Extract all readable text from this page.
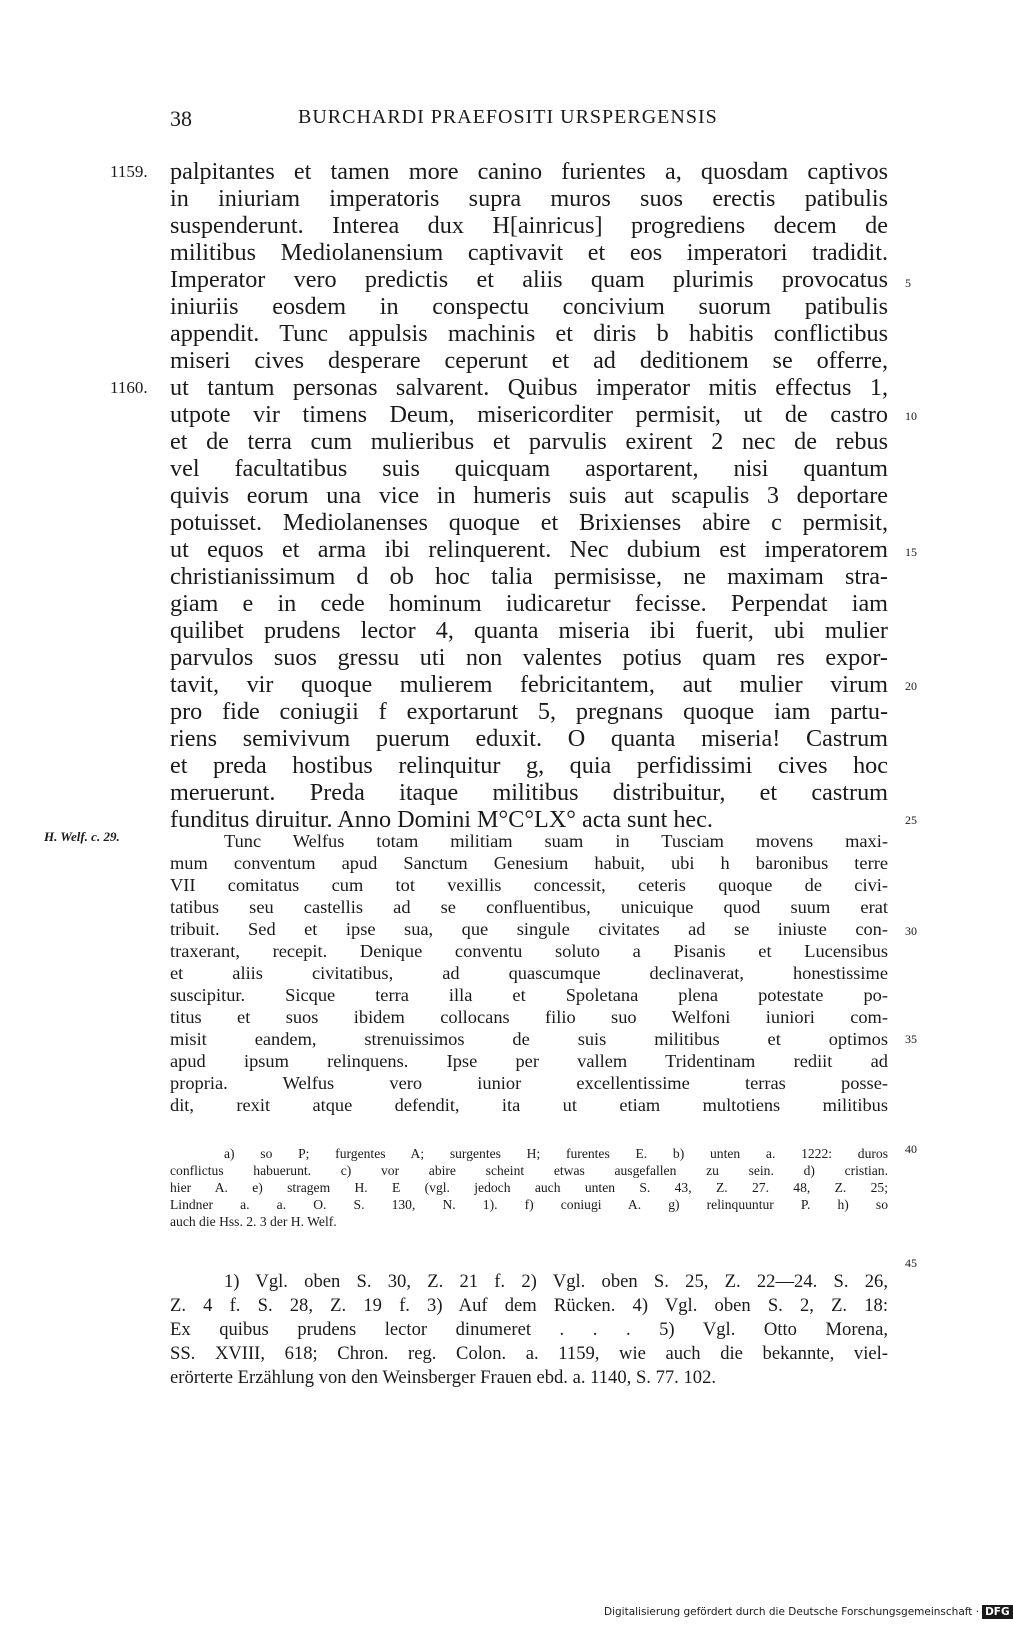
38	BURCHARDI PRAEFOSITI URSPERGENSIS
1159.
1160.
H. Welf. c. 29.
5
10
15
20
25
30
35
40
45
palpitantes et tamen more canino furientes a, quosdam captivos
in iniuriam imperatoris supra muros suos erectis patibulis
suspenderunt. Interea dux H[ainricus] progrediens decem de
militibus Mediolanensium captivavit et eos imperatori tradidit.
Imperator vero predictis et aliis quam plurimis provocatus
iniuriis eosdem in conspectu concivium suorum patibulis
appendit. Tunc appulsis machinis et diris b habitis conflictibus
miseri cives desperare ceperunt et ad deditionem se offerre,
ut tantum personas salvarent. Quibus imperator mitis effectus 1,
utpote vir timens Deum, misericorditer permisit, ut de castro
et de terra cum mulieribus et parvulis exirent 2 nec de rebus
vel facultatibus suis quicquam asportarent, nisi quantum
quivis eorum una vice in humeris suis aut scapulis 3 deportare
potuisset. Mediolanenses quoque et Brixienses abire c permisit,
ut equos et arma ibi relinquerent. Nec dubium est imperatorem
christianissimum d ob hoc talia permisisse, ne maximam stra-
giam e in cede hominum iudicaretur fecisse. Perpendat iam
quilibet prudens lector 4, quanta miseria ibi fuerit, ubi mulier
parvulos suos gressu uti non valentes potius quam res expor-
tavit, vir quoque mulierem febricitantem, aut mulier virum
pro fide coniugii f exportarunt 5, pregnans quoque iam partu-
riens semivivum puerum eduxit. O quanta miseria! Castrum
et preda hostibus relinquitur g, quia perfidissimi cives hoc
meruerunt. Preda itaque militibus distribuitur, et castrum
funditus diruitur. Anno Domini M°C°LX° acta sunt hec.
Tunc Welfus totam militiam suam in Tusciam movens maxi-
mum conventum apud Sanctum Genesium habuit, ubi h baronibus terre
VII comitatus cum tot vexillis concessit, ceteris quoque de civi-
tatibus seu castellis ad se confluentibus, unicuique quod suum erat
tribuit. Sed et ipse sua, que singule civitates ad se iniuste con-
traxerant, recepit. Denique conventu soluto a Pisanis et Lucensibus
et aliis civitatibus, ad quascumque declinaverat, honestissime
suscipitur. Sicque terra illa et Spoletana plena potestate po-
titus et suos ibidem collocans filio suo Welfoni iuniori com-
misit eandem, strenuissimos de suis militibus et optimos
apud ipsum relinquens. Ipse per vallem Tridentinam rediit ad
propria. Welfus vero iunior excellentissime terras posse-
dit, rexit atque defendit, ita ut etiam multotiens militibus
a) so P; furgentes A; surgentes H; furentes E. b) unten a. 1222: duros
conflictus habuerunt. c) vor abire scheint etwas ausgefallen zu sein. d) cristian.
hier A. e) stragem H. E (vgl. jedoch auch unten S. 43, Z. 27. 48, Z. 25;
Lindner a. a. O. S. 130, N. 1). f) coniugi A. g) relinquuntur P. h) so
auch die Hss. 2. 3 der H. Welf.
1) Vgl. oben S. 30, Z. 21 f. 2) Vgl. oben S. 25, Z. 22—24. S. 26,
Z. 4 f. S. 28, Z. 19 f. 3) Auf dem Rücken. 4) Vgl. oben S. 2, Z. 18:
Ex quibus prudens lector dinumeret . . . 5) Vgl. Otto Morena,
SS. XVIII, 618; Chron. reg. Colon. a. 1159, wie auch die bekannte, viel-
erörterte Erzählung von den Weinsberger Frauen ebd. a. 1140, S. 77. 102.
Digitalisierung gefördert durch die Deutsche Forschungsgemeinschaft · DFG
